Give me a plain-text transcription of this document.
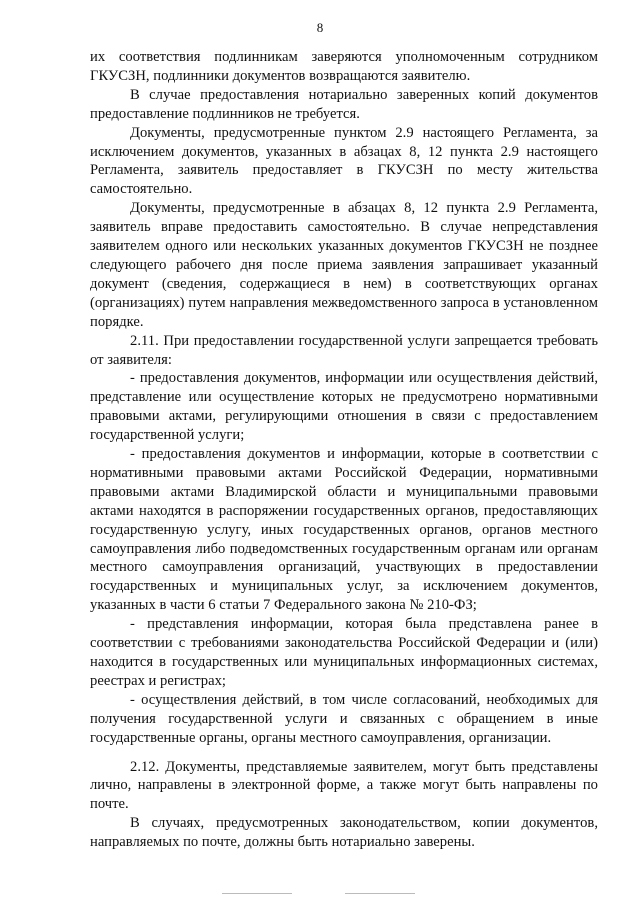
8

их соответствия подлинникам заверяются уполномоченным сотрудником ГКУСЗН, подлинники документов возвращаются заявителю.

В случае предоставления нотариально заверенных копий документов предоставление подлинников не требуется.

Документы, предусмотренные пунктом 2.9 настоящего Регламента, за исключением документов, указанных в абзацах 8, 12 пункта 2.9 настоящего Регламента, заявитель предоставляет в ГКУСЗН по месту жительства самостоятельно.

Документы, предусмотренные в абзацах 8, 12 пункта 2.9 Регламента, заявитель вправе предоставить самостоятельно. В случае непредставления заявителем одного или нескольких указанных документов ГКУСЗН не позднее следующего рабочего дня после приема заявления запрашивает указанный документ (сведения, содержащиеся в нем) в соответствующих органах (организациях) путем направления межведомственного запроса в установленном порядке.

2.11. При предоставлении государственной услуги запрещается требовать от заявителя:

- предоставления документов, информации или осуществления действий, представление или осуществление которых не предусмотрено нормативными правовыми актами, регулирующими отношения в связи с предоставлением государственной услуги;

- предоставления документов и информации, которые в соответствии с нормативными правовыми актами Российской Федерации, нормативными правовыми актами Владимирской области и муниципальными правовыми актами находятся в распоряжении государственных органов, предоставляющих государственную услугу, иных государственных органов, органов местного самоуправления либо подведомственных государственным органам или органам местного самоуправления организаций, участвующих в предоставлении государственных и муниципальных услуг, за исключением документов, указанных в части 6 статьи 7 Федерального закона № 210-ФЗ;

- представления информации, которая была представлена ранее в соответствии с требованиями законодательства Российской Федерации и (или) находится в государственных или муниципальных информационных системах, реестрах и регистрах;

- осуществления действий, в том числе согласований, необходимых для получения государственной услуги и связанных с обращением в иные государственные органы, органы местного самоуправления, организации.

2.12. Документы, представляемые заявителем, могут быть представлены лично, направлены в электронной форме, а также могут быть направлены по почте.

В случаях, предусмотренных законодательством, копии документов, направляемых по почте, должны быть нотариально заверены.
